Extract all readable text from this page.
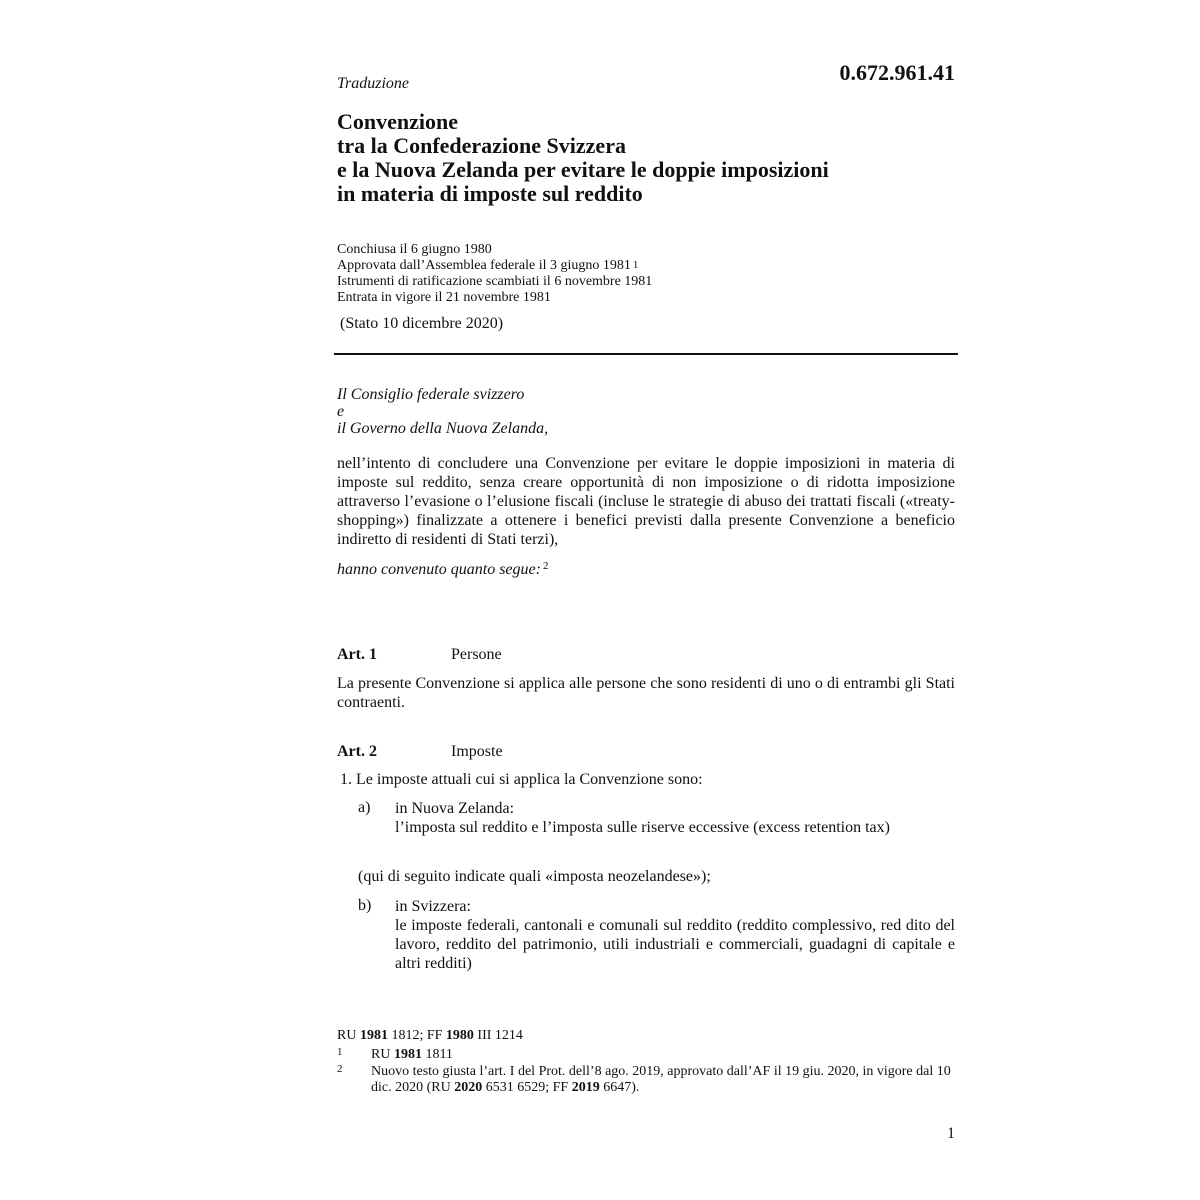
0.672.961.41
Traduzione
Convenzione
tra la Confederazione Svizzera
e la Nuova Zelanda per evitare le doppie imposizioni
in materia di imposte sul reddito
Conchiusa il 6 giugno 1980
Approvata dall’Assemblea federale il 3 giugno 1981 $^1$
Istrumenti di ratificazione scambiati il 6 novembre 1981
Entrata in vigore il 21 novembre 1981
(Stato 10 dicembre 2020)
Il Consiglio federale svizzero
e
il Governo della Nuova Zelanda,
nell’intento di concludere una Convenzione per evitare le doppie imposizioni in materia di imposte sul reddito, senza creare opportunità di non imposizione o di ridotta imposizione attraverso l’evasione o l’elusione fiscali (incluse le strategie di abuso dei trattati fiscali («treaty-shopping») finalizzate a ottenere i benefici previsti dalla presente Convenzione a beneficio indiretto di residenti di Stati terzi),
hanno convenuto quanto segue: $^2$
Art. 1	Persone
La presente Convenzione si applica alle persone che sono residenti di uno o di entrambi gli Stati contraenti.
Art. 2	Imposte
1. Le imposte attuali cui si applica la Convenzione sono:
a) in Nuova Zelanda:
l’imposta sul reddito e l’imposta sulle riserve eccessive (excess retention tax)
(qui di seguito indicate quali «imposta neozelandese»);
b) in Svizzera:
le imposte federali, cantonali e comunali sul reddito (reddito complessivo, red dito del lavoro, reddito del patrimonio, utili industriali e commerciali, guadagni di capitale e altri redditi)
RU 1981 1812; FF 1980 III 1214
1 RU 1981 1811
2 Nuovo testo giusta l’art. I del Prot. dell’8 ago. 2019, approvato dall’AF il 19 giu. 2020, in vigore dal 10 dic. 2020 (RU 2020 6531 6529; FF 2019 6647).
1
